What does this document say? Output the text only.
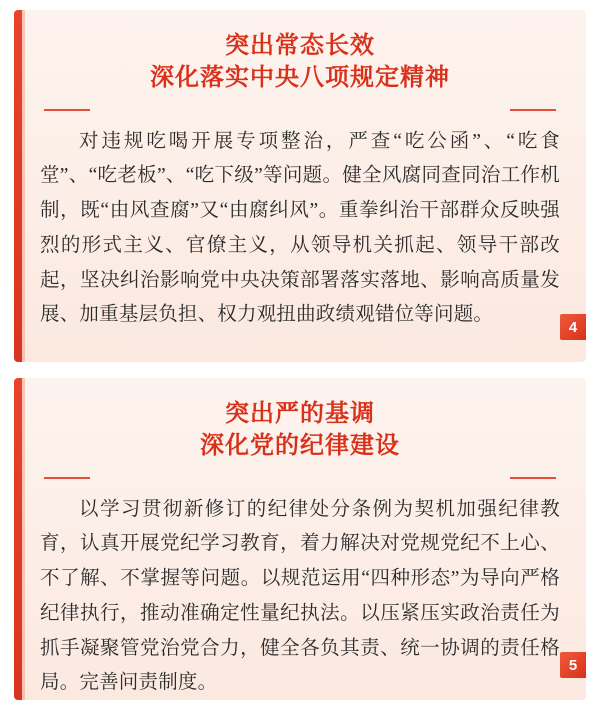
突出常态长效
深化落实中央八项规定精神
对违规吃喝开展专项整治，严查“吃公函”、“吃食堂”、“吃老板”、“吃下级”等问题。健全风腐同查同治工作机制，既“由风查腐”又“由腐纠风”。重拳纠治干部群众反映强烈的形式主义、官僚主义，从领导机关抓起、领导干部改起，坚决纠治影响党中央决策部署落实落地、影响高质量发展、加重基层负担、权力观扭曲政绩观错位等问题。
4
突出严的基调
深化党的纪律建设
以学习贯彻新修订的纪律处分条例为契机加强纪律教育，认真开展党纪学习教育，着力解决对党规党纪不上心、不了解、不掌握等问题。以规范运用“四种形态”为导向严格纪律执行，推动准确定性量纪执法。以压紧压实政治责任为抓手凝聚管党治党合力，健全各负其责、统一协调的责任格局。完善问责制度。
5
